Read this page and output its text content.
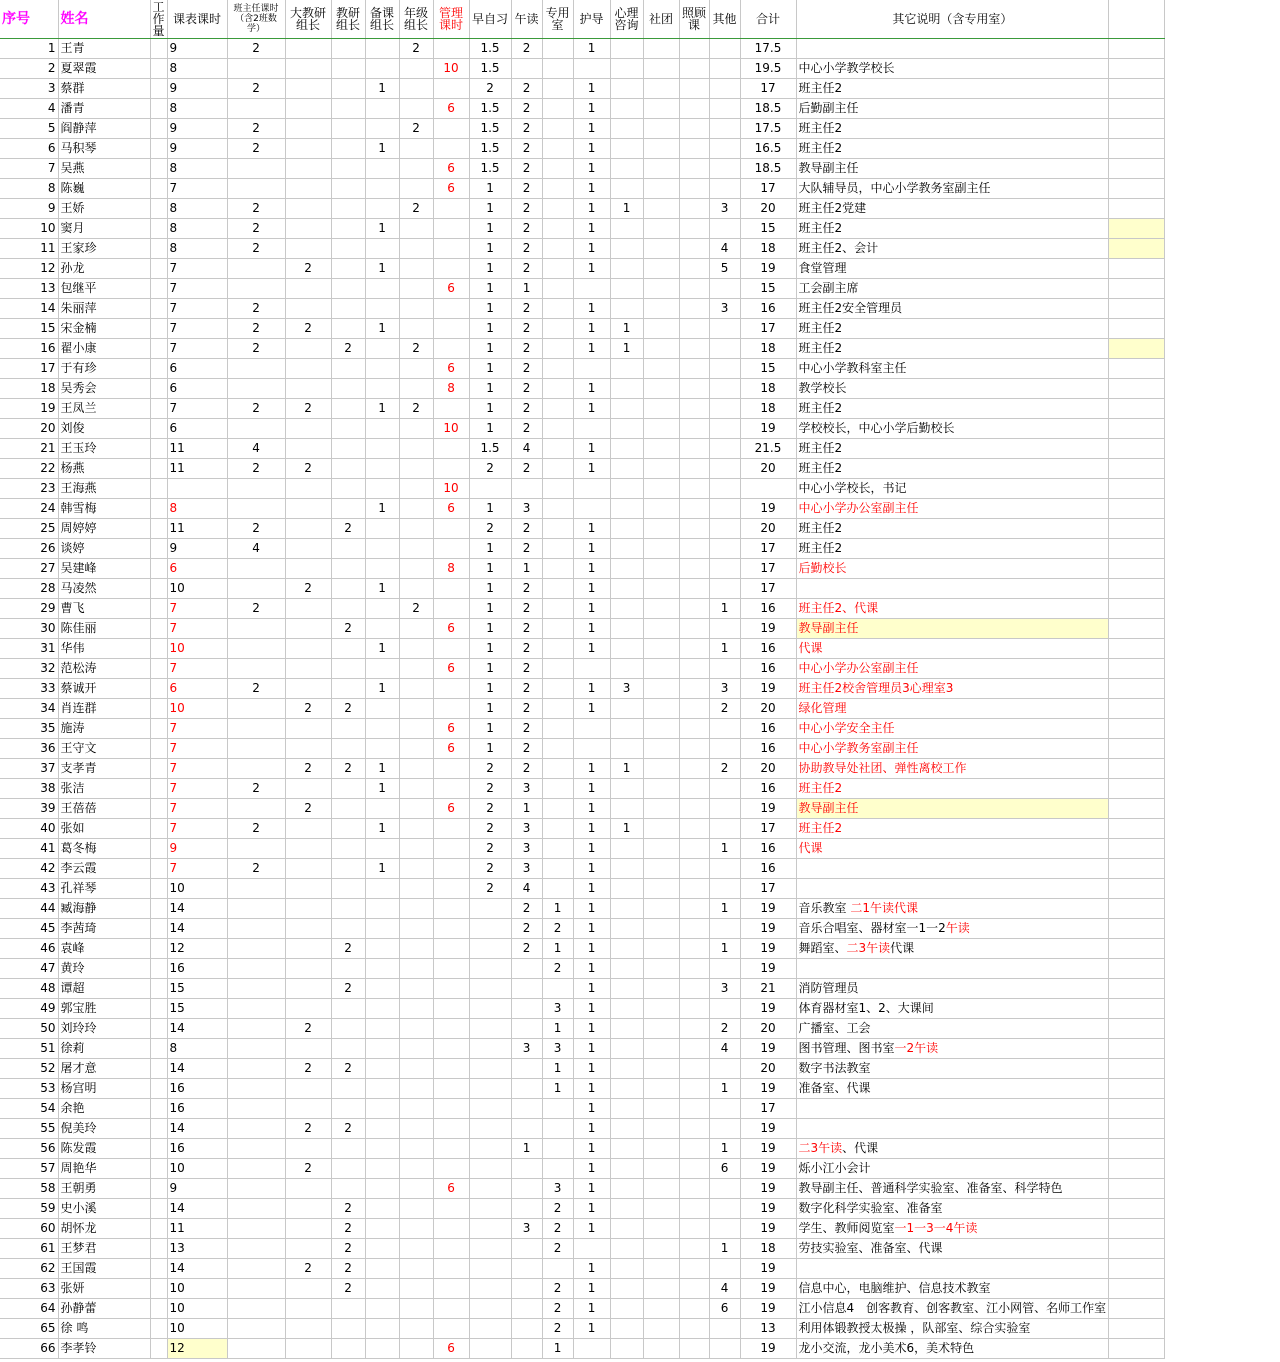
序号	姓名	工作量	课表课时	班主任课时（含2班数学）	大教研组长	教研组长	备课组长	年级组长	管理课时	早自习	午读	专用室	护导	心理咨询	社团	照顾课	其他	合计	其它说明（含专用室）	
1	王青		9	2				2		1.5	2		1					17.5		
2	夏翠霞		8						10	1.5								19.5	中心小学教学校长	
3	蔡群		9	2			1			2	2		1					17	班主任2	
4	潘青		8						6	1.5	2		1					18.5	后勤副主任	
5	阎静萍		9	2				2		1.5	2		1					17.5	班主任2	
6	马积琴		9	2			1			1.5	2		1					16.5	班主任2	
7	吴燕		8						6	1.5	2		1					18.5	教导副主任	
8	陈巍		7						6	1	2		1					17	大队辅导员，中心小学教务室副主任	
9	王娇		8	2				2		1	2		1	1			3	20	班主任2党建	
10	窦月		8	2			1			1	2		1					15	班主任2	
11	王家珍		8	2						1	2		1				4	18	班主任2、会计	
12	孙龙		7		2		1			1	2		1				5	19	食堂管理	
13	包继平		7						6	1	1							15	工会副主席	
14	朱丽萍		7	2						1	2		1				3	16	班主任2安全管理员	
15	宋金楠		7	2	2		1			1	2		1	1				17	班主任2	
16	翟小康		7	2		2		2		1	2		1	1				18	班主任2	
17	于有珍		6						6	1	2							15	中心小学教科室主任	
18	吴秀会		6						8	1	2		1					18	教学校长	
19	王凤兰		7	2	2		1	2		1	2		1					18	班主任2	
20	刘俊		6						10	1	2							19	学校校长，中心小学后勤校长	
21	王玉玲		11	4						1.5	4		1					21.5	班主任2	
22	杨燕		11	2	2					2	2		1					20	班主任2	
23	王海燕								10										中心小学校长，书记	
24	韩雪梅		8				1		6	1	3							19	中心小学办公室副主任	
25	周婷婷		11	2		2				2	2		1					20	班主任2	
26	谈婷		9	4						1	2		1					17	班主任2	
27	吴建峰		6						8	1	1		1					17	后勤校长	
28	马凌然		10		2		1			1	2		1					17		
29	曹飞		7	2				2		1	2		1				1	16	班主任2、代课	
30	陈佳丽		7			2			6	1	2		1					19	教导副主任	
31	华伟		10				1			1	2		1				1	16	代课	
32	范松涛		7						6	1	2							16	中心小学办公室副主任	
33	蔡诚开		6	2			1			1	2		1	3			3	19	班主任2校舍管理员3心理室3	
34	肖连群		10		2	2				1	2		1				2	20	绿化管理	
35	施涛		7						6	1	2							16	中心小学安全主任	
36	王守文		7						6	1	2							16	中心小学教务室副主任	
37	支孝青		7		2	2	1			2	2		1	1			2	20	协助教导处社团、弹性离校工作	
38	张洁		7	2			1			2	3		1					16	班主任2	
39	王蓓蓓		7		2				6	2	1		1					19	教导副主任	
40	张如		7	2			1			2	3		1	1				17	班主任2	
41	葛冬梅		9							2	3		1				1	16	代课	
42	李云霞		7	2			1			2	3		1					16		
43	孔祥琴		10							2	4		1					17		
44	臧海静		14								2	1	1				1	19	音乐教室 二1午读代课	
45	李茜琦		14								2	2	1					19	音乐合唱室、器材室一1一2午读	
46	袁峰		12			2					2	1	1				1	19	舞蹈室、二3午读代课	
47	黄玲		16									2	1					19		
48	谭超		15			2							1				3	21	消防管理员	
49	郭宝胜		15									3	1					19	体育器材室1、2、大课间	
50	刘玲玲		14		2							1	1				2	20	广播室、工会	
51	徐莉		8								3	3	1				4	19	图书管理、图书室一2午读	
52	屠才意		14		2	2						1	1					20	数字书法教室	
53	杨宫明		16									1	1				1	19	准备室、代课	
54	余艳		16										1					17		
55	倪美玲		14		2	2							1					19		
56	陈发霞		16								1		1				1	19	二3午读、代课	
57	周艳华		10		2								1				6	19	烁小江小会计	
58	王朝勇		9						6			3	1					19	教导副主任、普通科学实验室、准备室、科学特色	
59	史小溪		14			2						2	1					19	数字化科学实验室、准备室	
60	胡怀龙		11			2					3	2	1					19	学生、教师阅览室一1一3一4午读	
61	王梦君		13			2						2					1	18	劳技实验室、准备室、代课	
62	王国霞		14		2	2							1					19		
63	张妍		10			2						2	1				4	19	信息中心，电脑维护、信息技术教室	
64	孙静蕾		10									2	1				6	19	江小信息4　创客教育、创客教室、江小网管、名师工作室	
65	徐 鸣		10									2	1					13	利用体锻教授太极操 ，队部室、综合实验室	
66	李孝铃		12						6			1						19	龙小交流，龙小美术6，美术特色	
